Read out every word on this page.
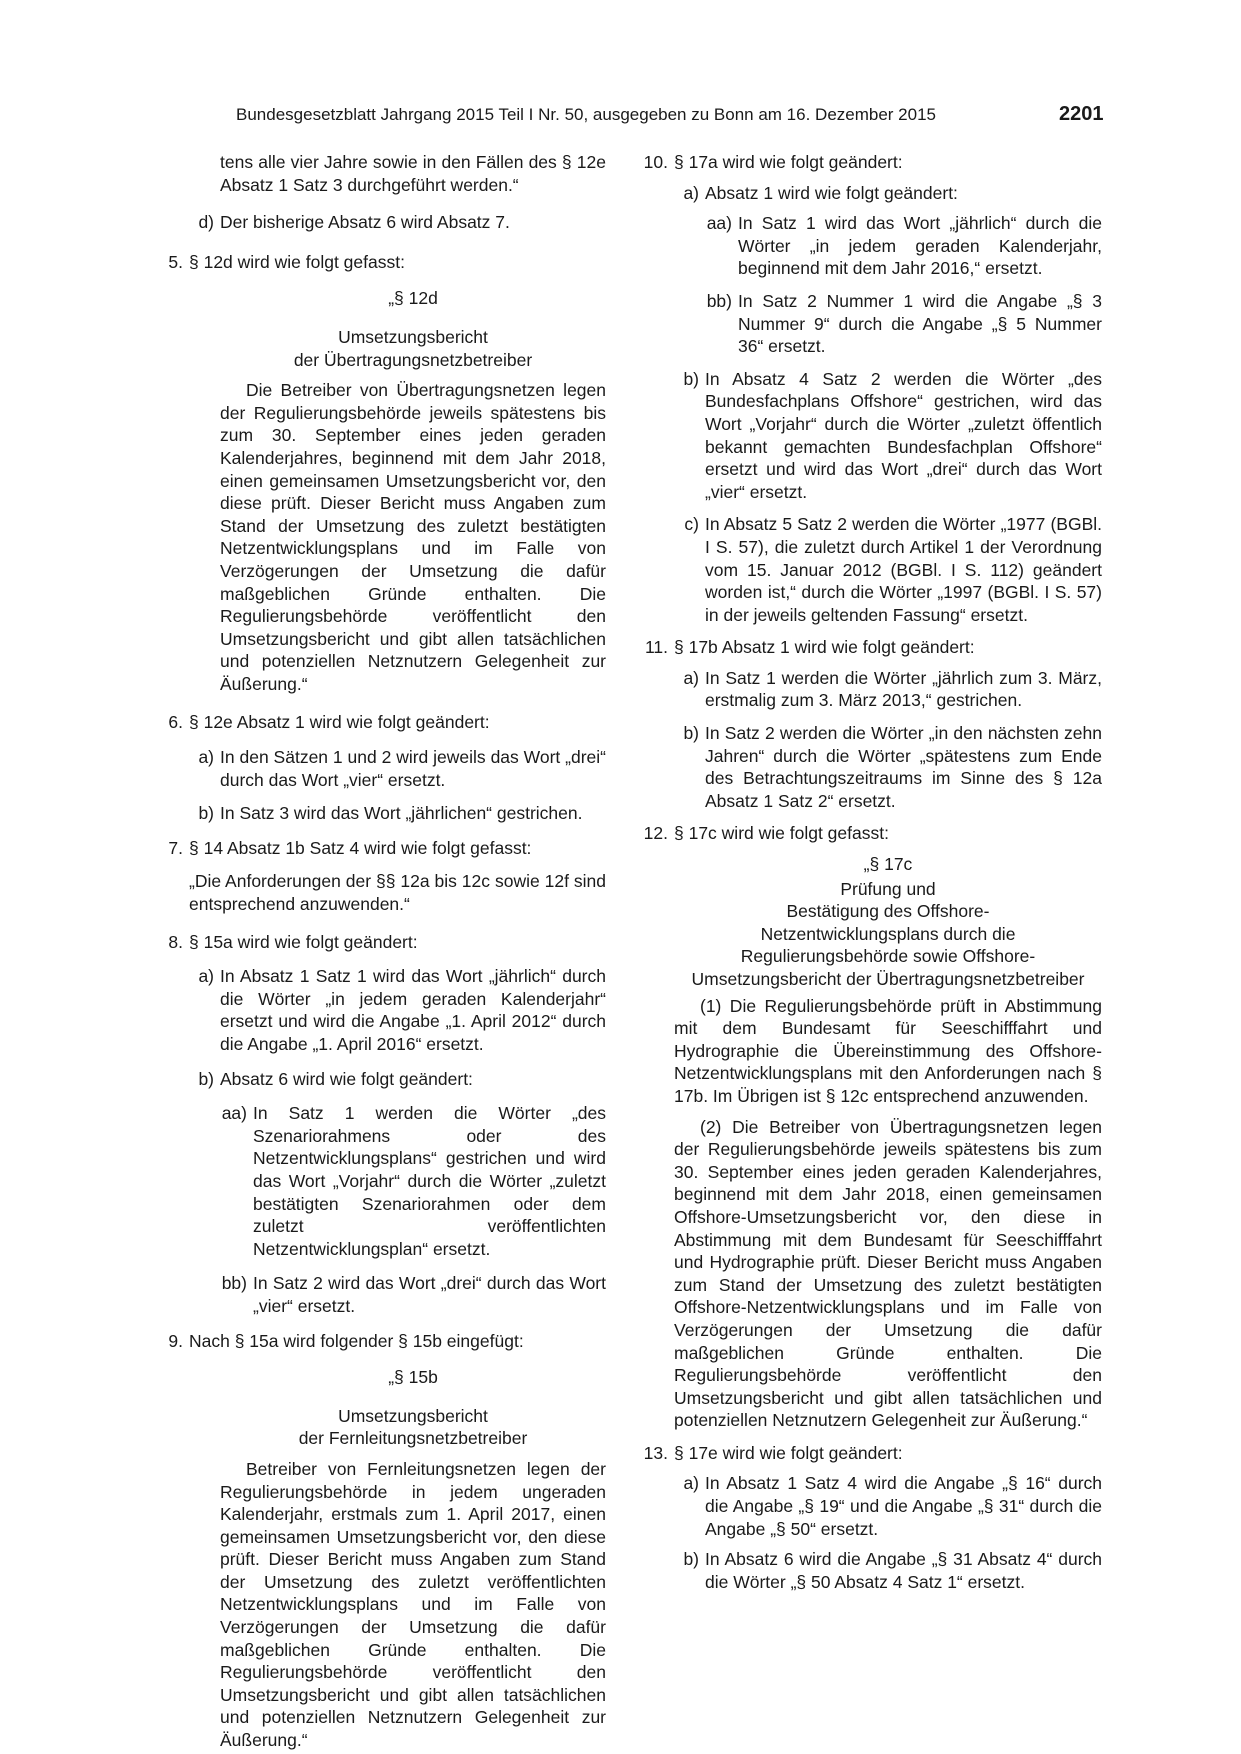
Bundesgesetzblatt Jahrgang 2015 Teil I Nr. 50, ausgegeben zu Bonn am 16. Dezember 2015	2201

tens alle vier Jahre sowie in den Fällen des § 12e Absatz 1 Satz 3 durchgeführt werden.“

d) Der bisherige Absatz 6 wird Absatz 7.

5. § 12d wird wie folgt gefasst:

„§ 12d

Umsetzungsbericht

der Übertragungsnetzbetreiber

Die Betreiber von Übertragungsnetzen legen der Regulierungsbehörde jeweils spätestens bis zum 30. September eines jeden geraden Kalenderjahres, beginnend mit dem Jahr 2018, einen gemeinsamen Umsetzungsbericht vor, den diese prüft. Dieser Bericht muss Angaben zum Stand der Umsetzung des zuletzt bestätigten Netzentwicklungsplans und im Falle von Verzögerungen der Umsetzung die dafür maßgeblichen Gründe enthalten. Die Regulierungsbehörde veröffentlicht den Umsetzungsbericht und gibt allen tatsächlichen und potenziellen Netznutzern Gelegenheit zur Äußerung.“

6. § 12e Absatz 1 wird wie folgt geändert:

a) In den Sätzen 1 und 2 wird jeweils das Wort „drei“ durch das Wort „vier“ ersetzt.

b) In Satz 3 wird das Wort „jährlichen“ gestrichen.

7. § 14 Absatz 1b Satz 4 wird wie folgt gefasst:

„Die Anforderungen der §§ 12a bis 12c sowie 12f sind entsprechend anzuwenden.“

8. § 15a wird wie folgt geändert:

a) In Absatz 1 Satz 1 wird das Wort „jährlich“ durch die Wörter „in jedem geraden Kalenderjahr“ ersetzt und wird die Angabe „1. April 2012“ durch die Angabe „1. April 2016“ ersetzt.

b) Absatz 6 wird wie folgt geändert:

aa) In Satz 1 werden die Wörter „des Szenariorahmens oder des Netzentwicklungsplans“ gestrichen und wird das Wort „Vorjahr“ durch die Wörter „zuletzt bestätigten Szenariorahmen oder dem zuletzt veröffentlichten Netzentwicklungsplan“ ersetzt.

bb) In Satz 2 wird das Wort „drei“ durch das Wort „vier“ ersetzt.

9. Nach § 15a wird folgender § 15b eingefügt:

„§ 15b

Umsetzungsbericht

der Fernleitungsnetzbetreiber

Betreiber von Fernleitungsnetzen legen der Regulierungsbehörde in jedem ungeraden Kalenderjahr, erstmals zum 1. April 2017, einen gemeinsamen Umsetzungsbericht vor, den diese prüft. Dieser Bericht muss Angaben zum Stand der Umsetzung des zuletzt veröffentlichten Netzentwicklungsplans und im Falle von Verzögerungen der Umsetzung die dafür maßgeblichen Gründe enthalten. Die Regulierungsbehörde veröffentlicht den Umsetzungsbericht und gibt allen tatsächlichen und potenziellen Netznutzern Gelegenheit zur Äußerung.“

10. § 17a wird wie folgt geändert:

a) Absatz 1 wird wie folgt geändert:

aa) In Satz 1 wird das Wort „jährlich“ durch die Wörter „in jedem geraden Kalenderjahr, beginnend mit dem Jahr 2016,“ ersetzt.

bb) In Satz 2 Nummer 1 wird die Angabe „§ 3 Nummer 9“ durch die Angabe „§ 5 Nummer 36“ ersetzt.

b) In Absatz 4 Satz 2 werden die Wörter „des Bundesfachplans Offshore“ gestrichen, wird das Wort „Vorjahr“ durch die Wörter „zuletzt öffentlich bekannt gemachten Bundesfachplan Offshore“ ersetzt und wird das Wort „drei“ durch das Wort „vier“ ersetzt.

c) In Absatz 5 Satz 2 werden die Wörter „1977 (BGBl. I S. 57), die zuletzt durch Artikel 1 der Verordnung vom 15. Januar 2012 (BGBl. I S. 112) geändert worden ist,“ durch die Wörter „1997 (BGBl. I S. 57) in der jeweils geltenden Fassung“ ersetzt.

11. § 17b Absatz 1 wird wie folgt geändert:

a) In Satz 1 werden die Wörter „jährlich zum 3. März, erstmalig zum 3. März 2013,“ gestrichen.

b) In Satz 2 werden die Wörter „in den nächsten zehn Jahren“ durch die Wörter „spätestens zum Ende des Betrachtungszeitraums im Sinne des § 12a Absatz 1 Satz 2“ ersetzt.

12. § 17c wird wie folgt gefasst:

„§ 17c

Prüfung und

Bestätigung des Offshore-

Netzentwicklungsplans durch die

Regulierungsbehörde sowie Offshore-

Umsetzungsbericht der Übertragungsnetzbetreiber

(1) Die Regulierungsbehörde prüft in Abstimmung mit dem Bundesamt für Seeschifffahrt und Hydrographie die Übereinstimmung des Offshore-Netzentwicklungsplans mit den Anforderungen nach § 17b. Im Übrigen ist § 12c entsprechend anzuwenden.

(2) Die Betreiber von Übertragungsnetzen legen der Regulierungsbehörde jeweils spätestens bis zum 30. September eines jeden geraden Kalenderjahres, beginnend mit dem Jahr 2018, einen gemeinsamen Offshore-Umsetzungsbericht vor, den diese in Abstimmung mit dem Bundesamt für Seeschifffahrt und Hydrographie prüft. Dieser Bericht muss Angaben zum Stand der Umsetzung des zuletzt bestätigten Offshore-Netzentwicklungsplans und im Falle von Verzögerungen der Umsetzung die dafür maßgeblichen Gründe enthalten. Die Regulierungsbehörde veröffentlicht den Umsetzungsbericht und gibt allen tatsächlichen und potenziellen Netznutzern Gelegenheit zur Äußerung.“

13. § 17e wird wie folgt geändert:

a) In Absatz 1 Satz 4 wird die Angabe „§ 16“ durch die Angabe „§ 19“ und die Angabe „§ 31“ durch die Angabe „§ 50“ ersetzt.

b) In Absatz 6 wird die Angabe „§ 31 Absatz 4“ durch die Wörter „§ 50 Absatz 4 Satz 1“ ersetzt.
